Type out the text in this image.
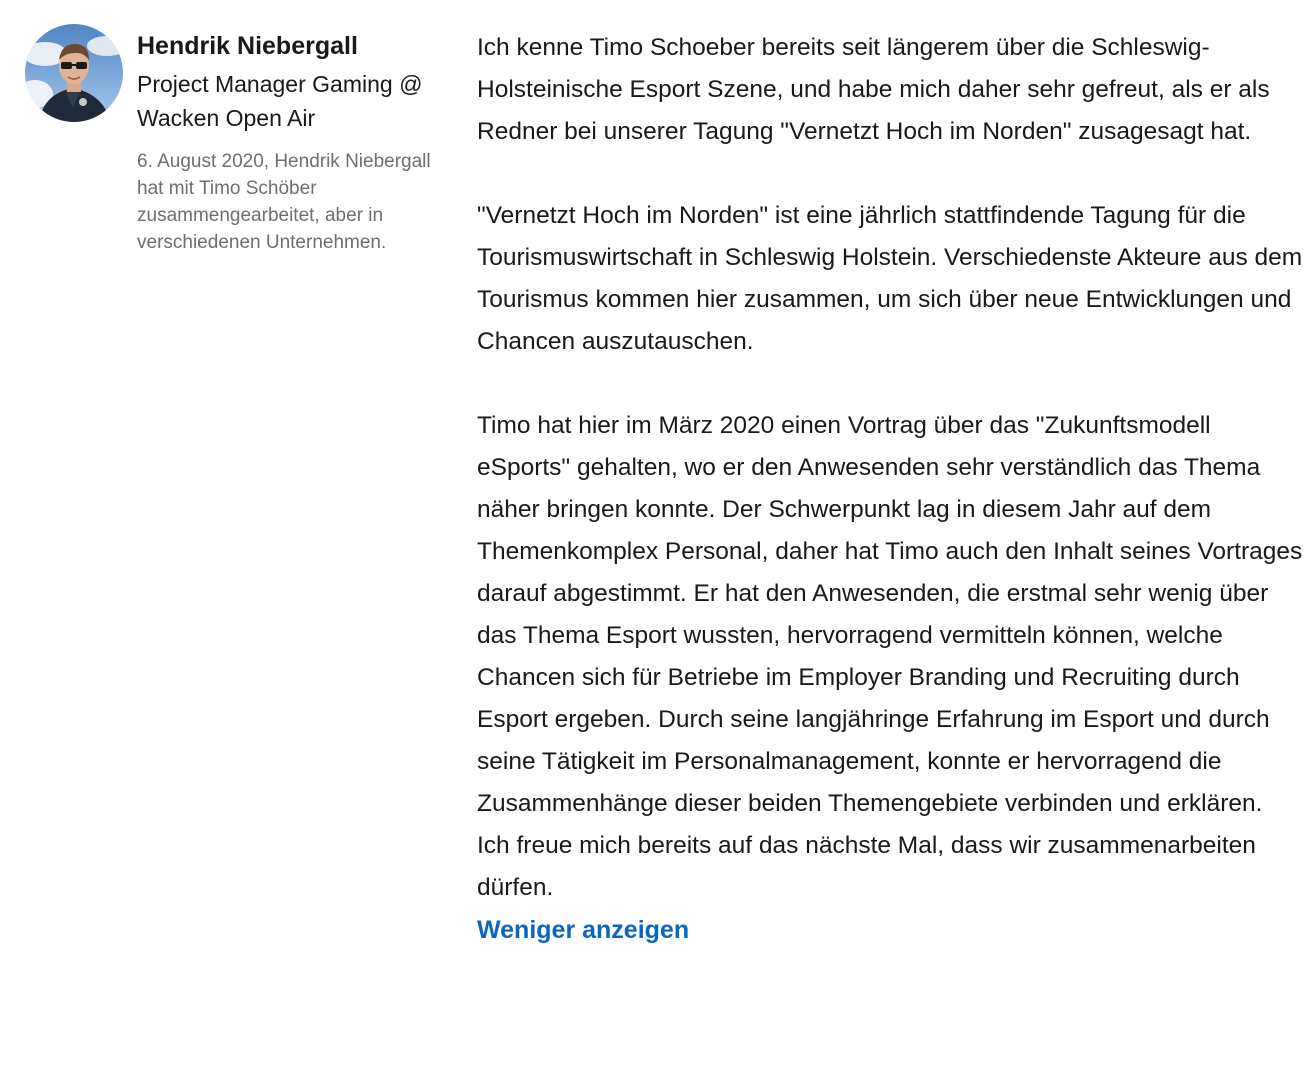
Hendrik Niebergall
Project Manager Gaming @ Wacken Open Air
6. August 2020, Hendrik Niebergall hat mit Timo Schöber zusammengearbeitet, aber in verschiedenen Unternehmen.
Ich kenne Timo Schoeber bereits seit längerem über die Schleswig-Holsteinische Esport Szene, und habe mich daher sehr gefreut, als er als Redner bei unserer Tagung "Vernetzt Hoch im Norden" zusagesagt hat.
"Vernetzt Hoch im Norden" ist eine jährlich stattfindende Tagung für die Tourismuswirtschaft in Schleswig Holstein. Verschiedenste Akteure aus dem Tourismus kommen hier zusammen, um sich über neue Entwicklungen und Chancen auszutauschen.
Timo hat hier im März 2020 einen Vortrag über das "Zukunftsmodell eSports" gehalten, wo er den Anwesenden sehr verständlich das Thema näher bringen konnte. Der Schwerpunkt lag in diesem Jahr auf dem Themenkomplex Personal, daher hat Timo auch den Inhalt seines Vortrages darauf abgestimmt. Er hat den Anwesenden, die erstmal sehr wenig über das Thema Esport wussten, hervorragend vermitteln können, welche Chancen sich für Betriebe im Employer Branding und Recruiting durch Esport ergeben. Durch seine langjähringe Erfahrung im Esport und durch seine Tätigkeit im Personalmanagement, konnte er hervorragend die Zusammenhänge dieser beiden Themengebiete verbinden und erklären.
Ich freue mich bereits auf das nächste Mal, dass wir zusammenarbeiten dürfen.
Weniger anzeigen
